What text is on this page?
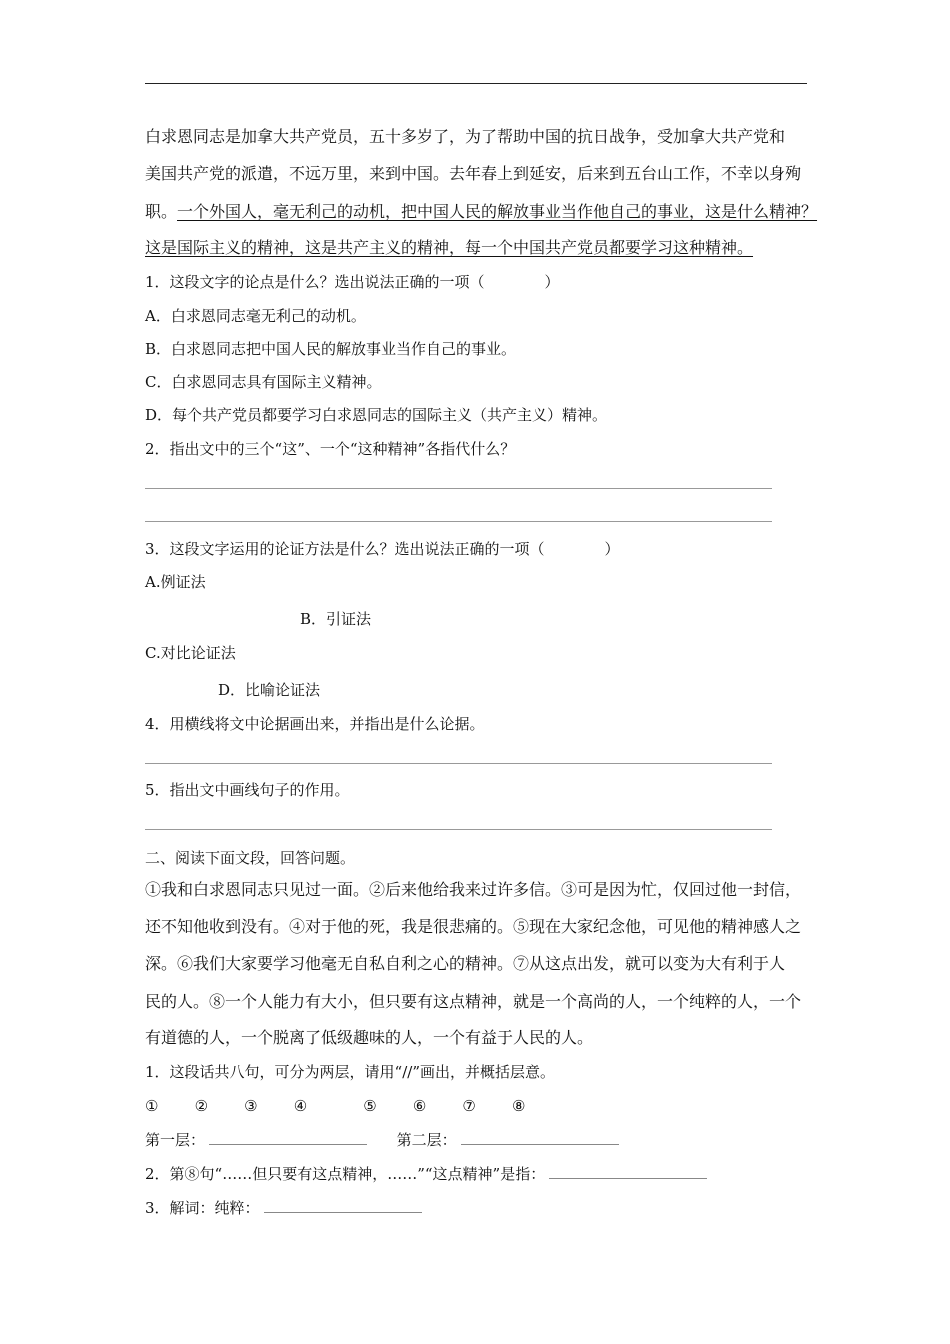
白求恩同志是加拿大共产党员，五十多岁了，为了帮助中国的抗日战争，受加拿大共产党和
美国共产党的派遣，不远万里，来到中国。去年春上到延安，后来到五台山工作，不幸以身殉
职。一个外国人，毫无利己的动机，把中国人民的解放事业当作他自己的事业，这是什么精神？
这是国际主义的精神，这是共产主义的精神，每一个中国共产党员都要学习这种精神。
1．这段文字的论点是什么？选出说法正确的一项（　　　　）
A．白求恩同志毫无利己的动机。
B．白求恩同志把中国人民的解放事业当作自己的事业。
C．白求恩同志具有国际主义精神。
D．每个共产党员都要学习白求恩同志的国际主义（共产主义）精神。
2．指出文中的三个“这”、一个“这种精神”各指代什么？
3．这段文字运用的论证方法是什么？选出说法正确的一项（　　　　）
A.例证法
B．引证法
C.对比论证法
D．比喻论证法
4．用横线将文中论据画出来，并指出是什么论据。
5．指出文中画线句子的作用。
二、阅读下面文段，回答问题。
①我和白求恩同志只见过一面。②后来他给我来过许多信。③可是因为忙，仅回过他一封信，
还不知他收到没有。④对于他的死，我是很悲痛的。⑤现在大家纪念他，可见他的精神感人之
深。⑥我们大家要学习他毫无自私自利之心的精神。⑦从这点出发，就可以变为大有利于人
民的人。⑧一个人能力有大小，但只要有这点精神，就是一个高尚的人，一个纯粹的人，一个
有道德的人，一个脱离了低级趣味的人，一个有益于人民的人。
1．这段话共八句，可分为两层，请用“//”画出，并概括层意。
① ② ③ ④	⑤ ⑥ ⑦ ⑧
第一层：	第二层：
2．第⑧句“……但只要有这点精神，……”“这点精神”是指：
3．解词：纯粹：
